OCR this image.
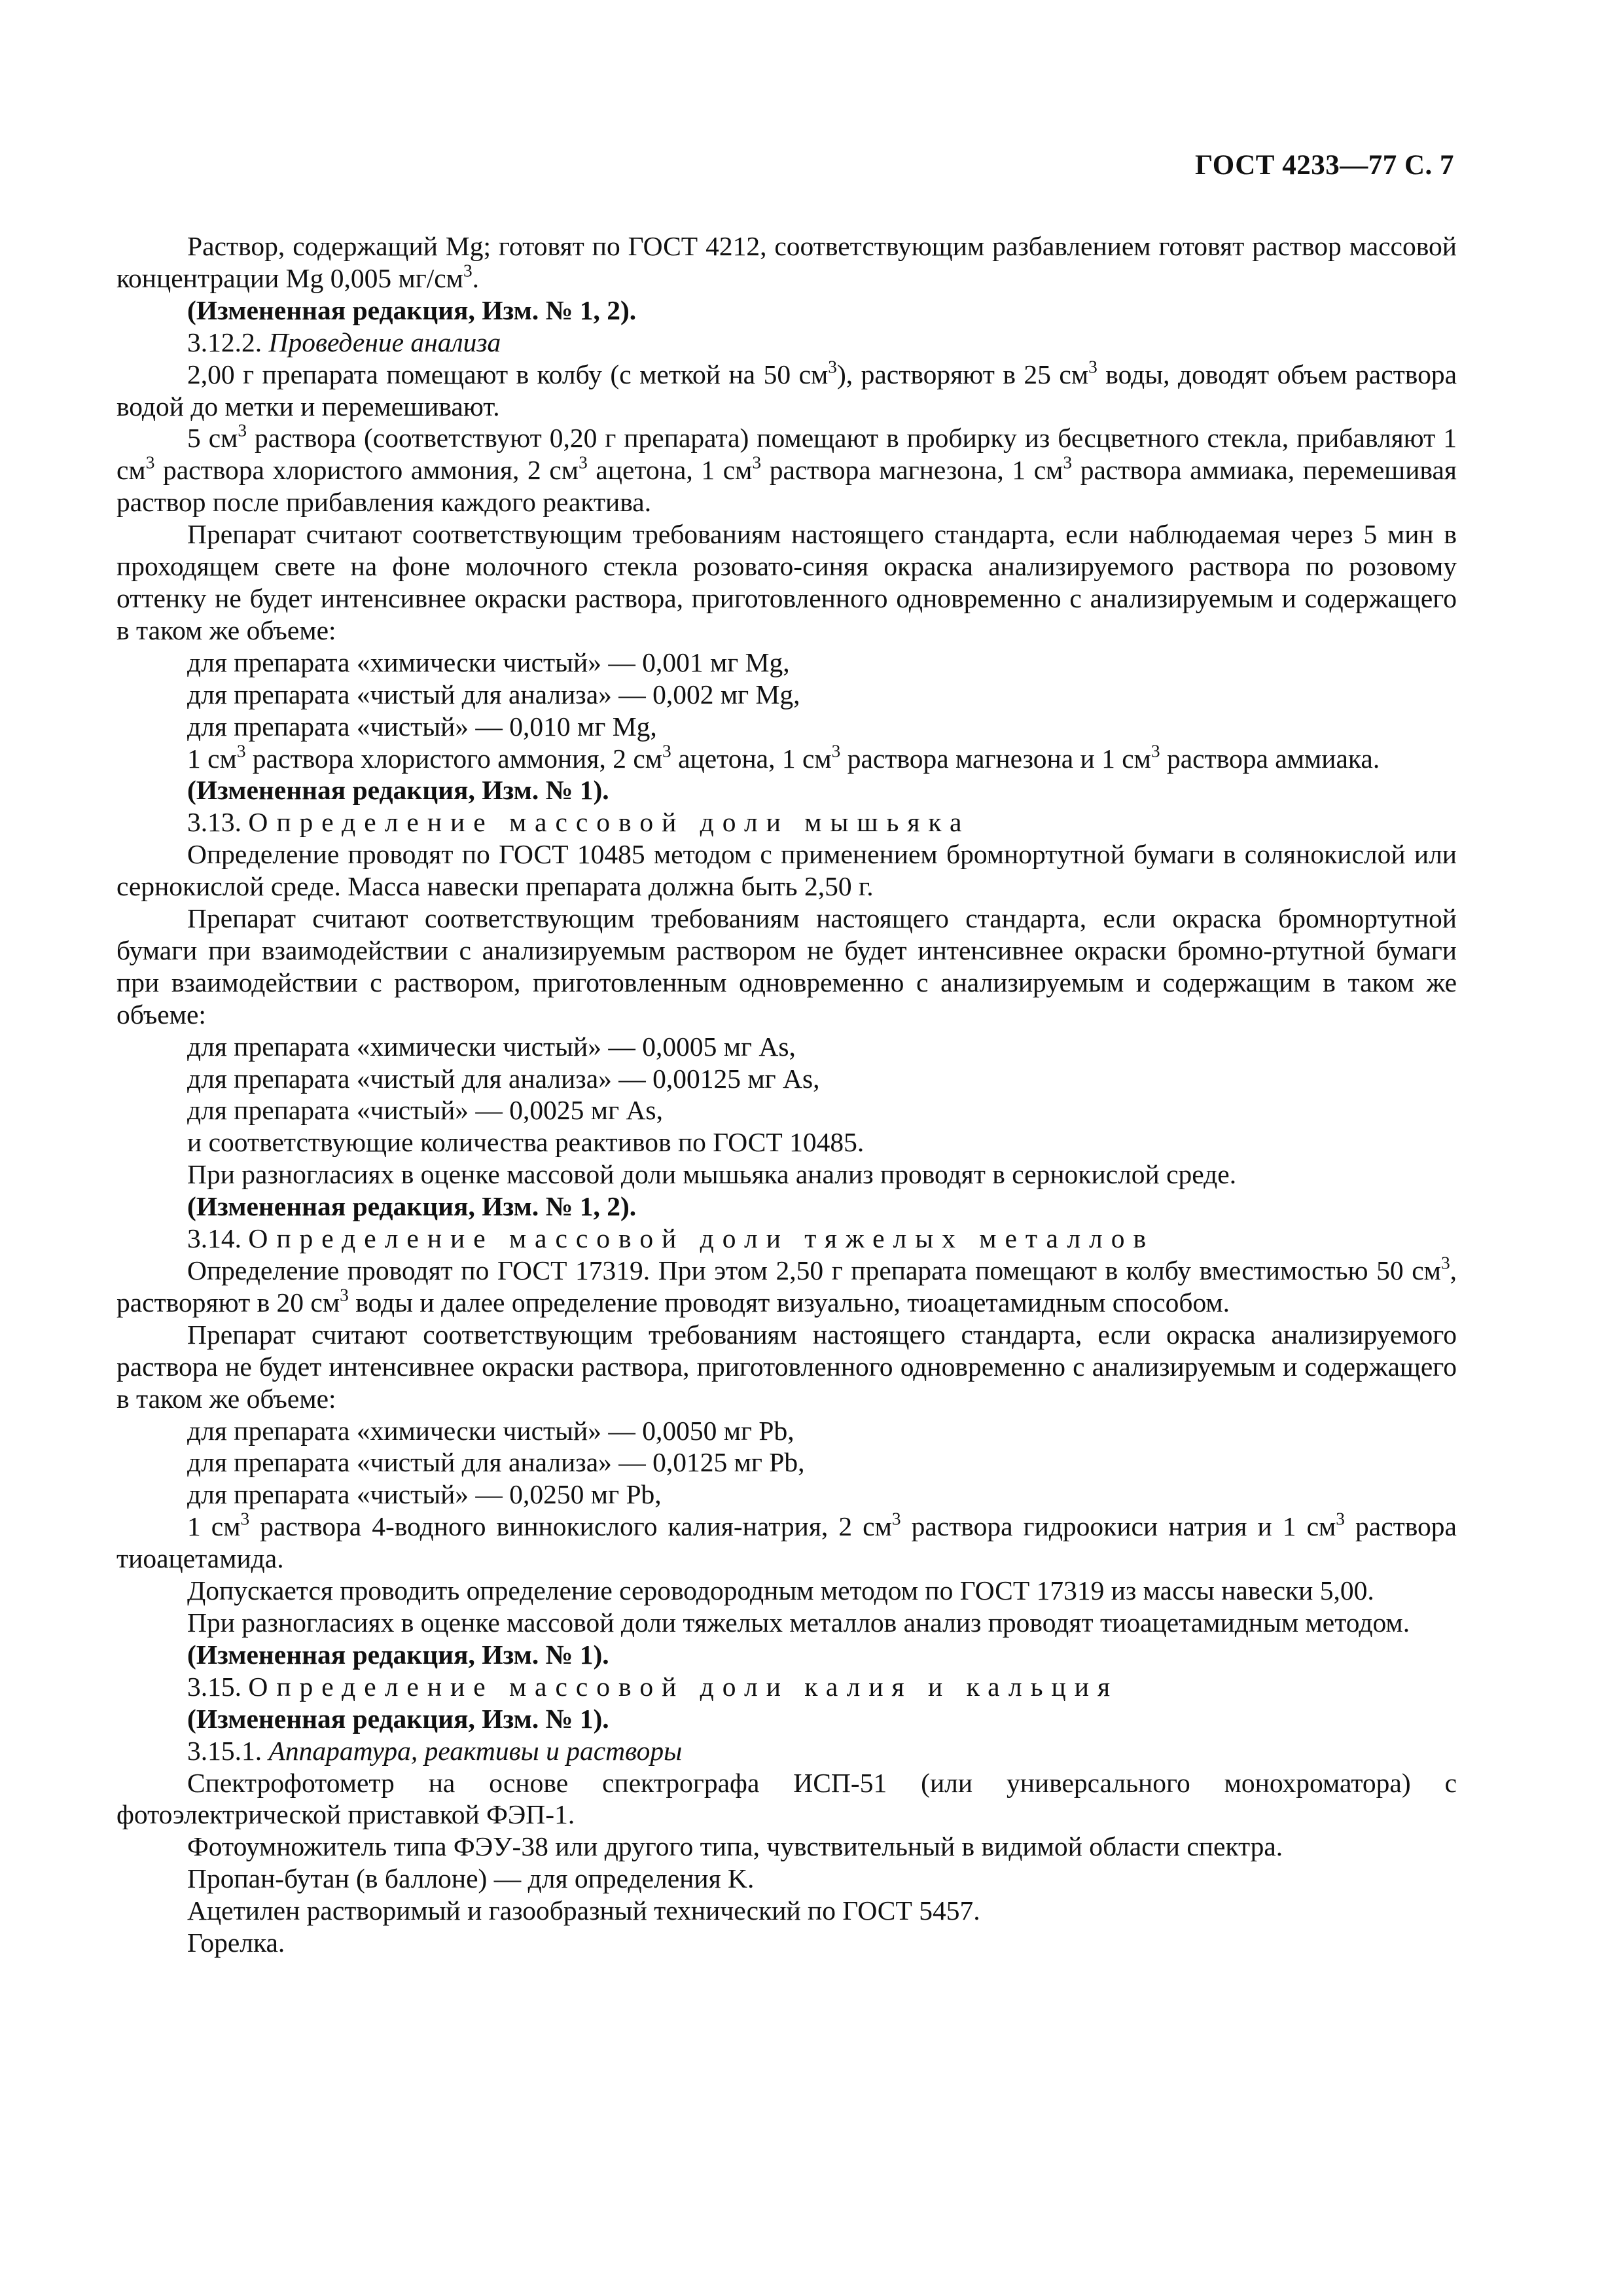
ГОСТ 4233—77 С. 7

Раствор, содержащий Mg; готовят по ГОСТ 4212, соответствующим разбавлением готовят раствор массовой концентрации Mg 0,005 $мг/см^3$.

(Измененная редакция, Изм. № 1, 2).

3.12.2. Проведение анализа

2,00 г препарата помещают в колбу (с меткой на 50 $см^3$), растворяют в 25 $см^3$ воды, доводят объем раствора водой до метки и перемешивают.

5 $см^3$ раствора (соответствуют 0,20 г препарата) помещают в пробирку из бесцветного стекла, прибавляют 1 $см^3$ раствора хлористого аммония, 2 $см^3$ ацетона, 1 $см^3$ раствора магнезона, 1 $см^3$ раствора аммиака, перемешивая раствор после прибавления каждого реактива.

Препарат считают соответствующим требованиям настоящего стандарта, если наблюдаемая через 5 мин в проходящем свете на фоне молочного стекла розовато-синяя окраска анализируемого раствора по розовому оттенку не будет интенсивнее окраски раствора, приготовленного одновременно с анализируемым и содержащего в таком же объеме:

для препарата «химически чистый» — 0,001 мг Mg,

для препарата «чистый для анализа» — 0,002 мг Mg,

для препарата «чистый» — 0,010 мг Mg,

1 $см^3$ раствора хлористого аммония, 2 $см^3$ ацетона, 1 $см^3$ раствора магнезона и 1 $см^3$ раствора аммиака.

(Измененная редакция, Изм. № 1).

3.13. Определение массовой доли мышьяка

Определение проводят по ГОСТ 10485 методом с применением бромнортутной бумаги в солянокислой или сернокислой среде. Масса навески препарата должна быть 2,50 г.

Препарат считают соответствующим требованиям настоящего стандарта, если окраска бромнортутной бумаги при взаимодействии с анализируемым раствором не будет интенсивнее окраски бромно-ртутной бумаги при взаимодействии с раствором, приготовленным одновременно с анализируемым и содержащим в таком же объеме:

для препарата «химически чистый» — 0,0005 мг As,

для препарата «чистый для анализа» — 0,00125 мг As,

для препарата «чистый» — 0,0025 мг As,

и соответствующие количества реактивов по ГОСТ 10485.

При разногласиях в оценке массовой доли мышьяка анализ проводят в сернокислой среде.

(Измененная редакция, Изм. № 1, 2).

3.14. Определение массовой доли тяжелых металлов

Определение проводят по ГОСТ 17319. При этом 2,50 г препарата помещают в колбу вместимостью 50 $см^3$, растворяют в 20 $см^3$ воды и далее определение проводят визуально, тиоацетамидным способом.

Препарат считают соответствующим требованиям настоящего стандарта, если окраска анализируемого раствора не будет интенсивнее окраски раствора, приготовленного одновременно с анализируемым и содержащего в таком же объеме:

для препарата «химически чистый» — 0,0050 мг Pb,

для препарата «чистый для анализа» — 0,0125 мг Pb,

для препарата «чистый» — 0,0250 мг Pb,

1 $см^3$ раствора 4-водного виннокислого калия-натрия, 2 $см^3$ раствора гидроокиси натрия и 1 $см^3$ раствора тиоацетамида.

Допускается проводить определение сероводородным методом по ГОСТ 17319 из массы навески 5,00.

При разногласиях в оценке массовой доли тяжелых металлов анализ проводят тиоацетамидным методом.

(Измененная редакция, Изм. № 1).

3.15. Определение массовой доли калия и кальция

(Измененная редакция, Изм. № 1).

3.15.1. Аппаратура, реактивы и растворы

Спектрофотометр на основе спектрографа ИСП-51 (или универсального монохроматора) с фотоэлектрической приставкой ФЭП-1.

Фотоумножитель типа ФЭУ-38 или другого типа, чувствительный в видимой области спектра.

Пропан-бутан (в баллоне) — для определения K.

Ацетилен растворимый и газообразный технический по ГОСТ 5457.

Горелка.
